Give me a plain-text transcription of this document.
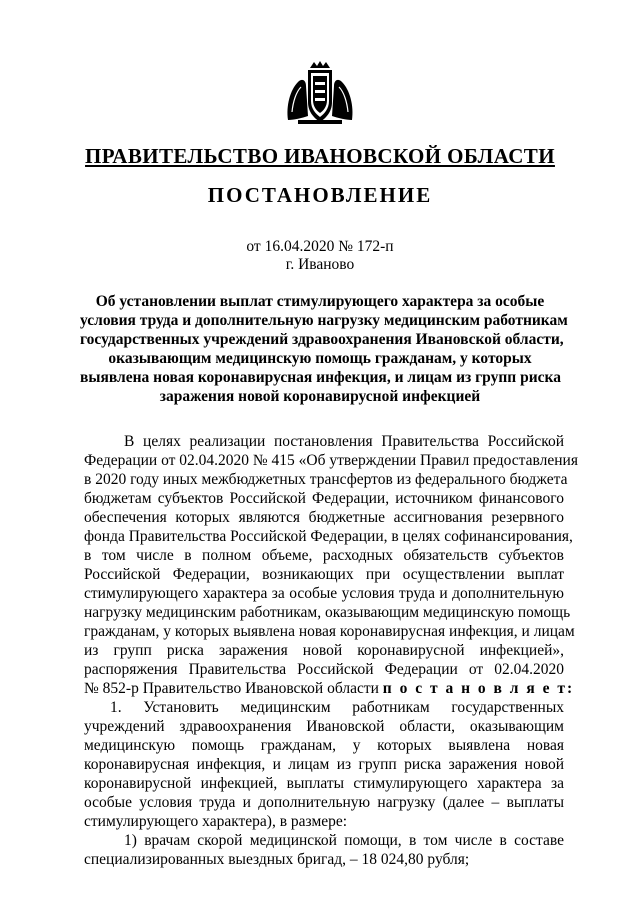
ПРАВИТЕЛЬСТВО ИВАНОВСКОЙ ОБЛАСТИ
ПОСТАНОВЛЕНИЕ
от 16.04.2020 № 172-п
г. Иваново
Об установлении выплат стимулирующего характера за особые
условия труда и дополнительную нагрузку медицинским работникам
государственных учреждений здравоохранения Ивановской области,
оказывающим медицинскую помощь гражданам, у которых
выявлена новая коронавирусная инфекция, и лицам из групп риска
заражения новой коронавирусной инфекцией
В целях реализации постановления Правительства Российской
Федерации от 02.04.2020 № 415 «Об утверждении Правил предоставления
в 2020 году иных межбюджетных трансфертов из федерального бюджета
бюджетам субъектов Российской Федерации, источником финансового
обеспечения которых являются бюджетные ассигнования резервного
фонда Правительства Российской Федерации, в целях софинансирования,
в том числе в полном объеме, расходных обязательств субъектов
Российской Федерации, возникающих при осуществлении выплат
стимулирующего характера за особые условия труда и дополнительную
нагрузку медицинским работникам, оказывающим медицинскую помощь
гражданам, у которых выявлена новая коронавирусная инфекция, и лицам
из групп риска заражения новой коронавирусной инфекцией»,
распоряжения Правительства Российской Федерации от 02.04.2020
№ 852-р Правительство Ивановской области п о с т а н о в л я е т:
1. Установить медицинским работникам государственных
учреждений здравоохранения Ивановской области, оказывающим
медицинскую помощь гражданам, у которых выявлена новая
коронавирусная инфекция, и лицам из групп риска заражения новой
коронавирусной инфекцией, выплаты стимулирующего характера за
особые условия труда и дополнительную нагрузку (далее – выплаты
стимулирующего характера), в размере:
1) врачам скорой медицинской помощи, в том числе в составе
специализированных выездных бригад, – 18 024,80 рубля;
